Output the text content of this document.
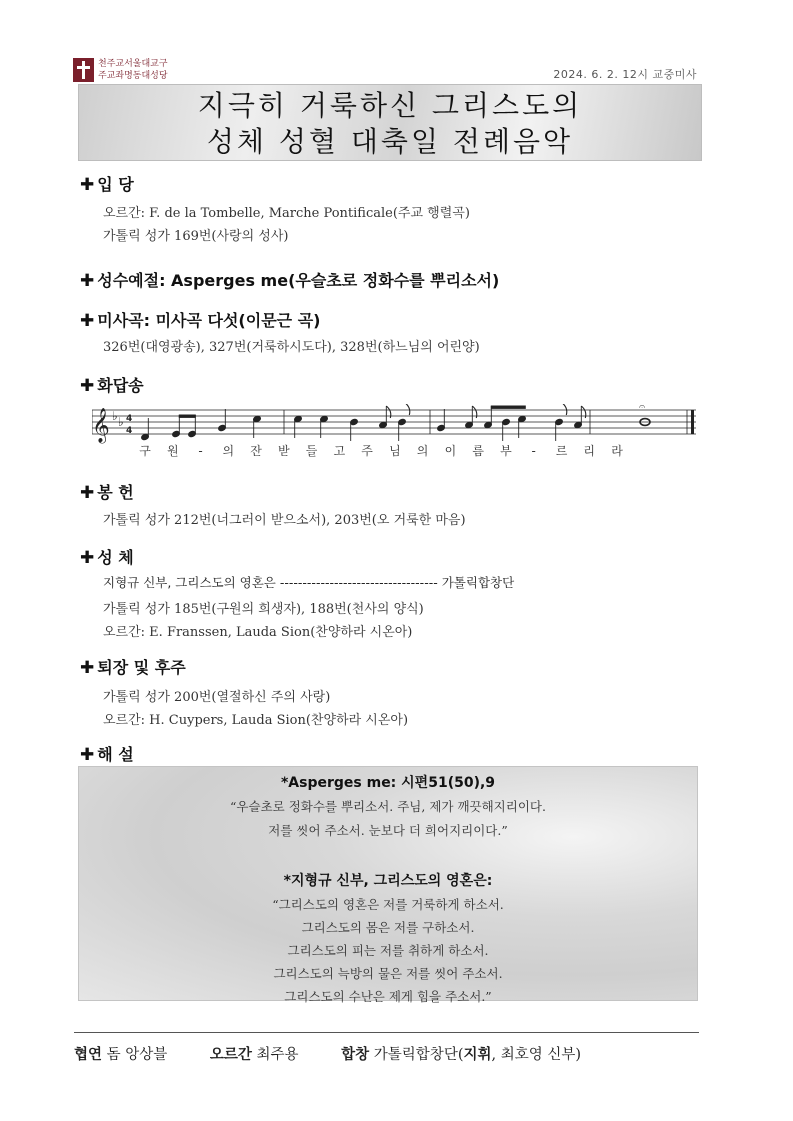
천주교서울대교구
주교좌명동대성당	2024. 6. 2. 12시 교중미사
지극히 거룩하신 그리스도의
성체 성혈 대축일 전례음악
✚ 입 당
오르간: F. de la Tombelle, Marche Pontificale(주교 행렬곡)
가톨릭 성가 169번(사랑의 성사)
✚ 성수예절: Asperges me(우슬초로 정화수를 뿌리소서)
✚ 미사곡: 미사곡 다섯(이문근 곡)
326번(대영광송), 327번(거룩하시도다), 328번(하느님의 어린양)
✚ 화답송
𝄞 ♭ ♭ 4
4
𝄐
구 원 - 의 잔 받 들 고 주 님 의 이 름 부 - 르 리 라
✚ 봉 헌
가톨릭 성가 212번(너그러이 받으소서), 203번(오 거룩한 마음)
✚ 성 체
지형규 신부, 그리스도의 영혼은 ----------------------------------- 가톨릭합창단
가톨릭 성가 185번(구원의 희생자), 188번(천사의 양식)
오르간: E. Franssen, Lauda Sion(찬양하라 시온아)
✚ 퇴장 및 후주
가톨릭 성가 200번(열절하신 주의 사랑)
오르간: H. Cuypers, Lauda Sion(찬양하라 시온아)
✚ 해 설
*Asperges me: 시편51(50),9
“우슬초로 정화수를 뿌리소서. 주님, 제가 깨끗해지리이다.
저를 씻어 주소서. 눈보다 더 희어지리이다.”
*지형규 신부, 그리스도의 영혼은:
“그리스도의 영혼은 저를 거룩하게 하소서.
그리스도의 몸은 저를 구하소서.
그리스도의 피는 저를 취하게 하소서.
그리스도의 늑방의 물은 저를 씻어 주소서.
그리스도의 수난은 제게 힘을 주소서.”
협연 돔 앙상블	오르간 최주용	합창 가톨릭합창단(지휘, 최호영 신부)
